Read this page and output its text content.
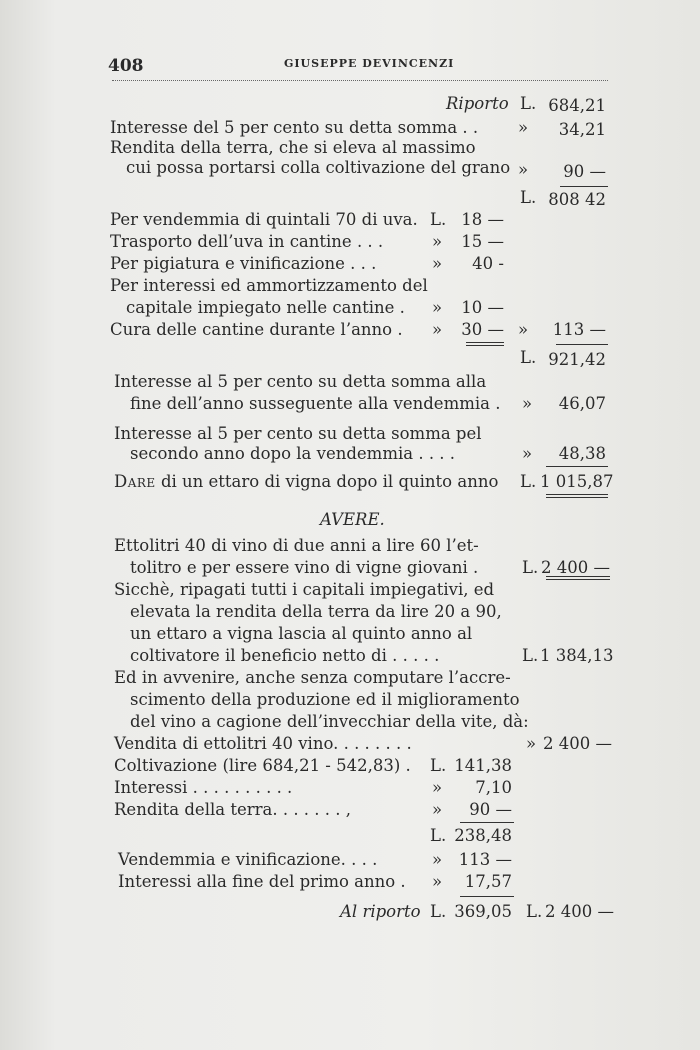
408	GIUSEPPE DEVINCENZI
Riporto L. 684,21
Interesse del 5 per cento su detta somma . . »	34,21
Rendita della terra, che si eleva al massimo
cui possa portarsi colla coltivazione del grano »	90 —
L. 808 42
Per vendemmia di quintali 70 di uva. L. 18 —
Trasporto dell’uva in cantine . . .	»	15 —
Per pigiatura e vinificazione . . .	»	40 -
Per interessi ed ammortizzamento del
capitale impiegato nelle cantine . »	10 —
Cura delle cantine durante l’anno . »	30 — »	113 —
L. 921,42
Interesse al 5 per cento su detta somma alla
fine dell’anno susseguente alla vendemmia . »	46,07
Interesse al 5 per cento su detta somma pel
secondo anno dopo la vendemmia . . . .	»	48,38
Dare di un ettaro di vigna dopo il quinto anno L. 1 015,87
AVERE.
Ettolitri 40 di vino di due anni a lire 60 l’et-
tolitro e per essere vino di vigne giovani .	L. 2 400 —
Sicchè, ripagati tutti i capitali impiegativi, ed
elevata la rendita della terra da lire 20 a 90,
un ettaro a vigna lascia al quinto anno al
coltivatore il beneficio netto di . . . . .	L. 1 384,13
Ed in avvenire, anche senza computare l’accre-
scimento della produzione ed il miglioramento
del vino a cagione dell’invecchiar della vite, dà:
Vendita di ettolitri 40 vino. . . . . . . .	» 2 400 —
Coltivazione (lire 684,21 - 542,83) . L. 141,38
Interessi . . . . . . . . . .	»	7,10
Rendita della terra. . . . . . . ,	»	90 —
L. 238,48
Vendemmia e vinificazione. . . .	»	113 —
Interessi alla fine del primo anno . »	17,57
Al riporto L. 369,05 L. 2 400 —
